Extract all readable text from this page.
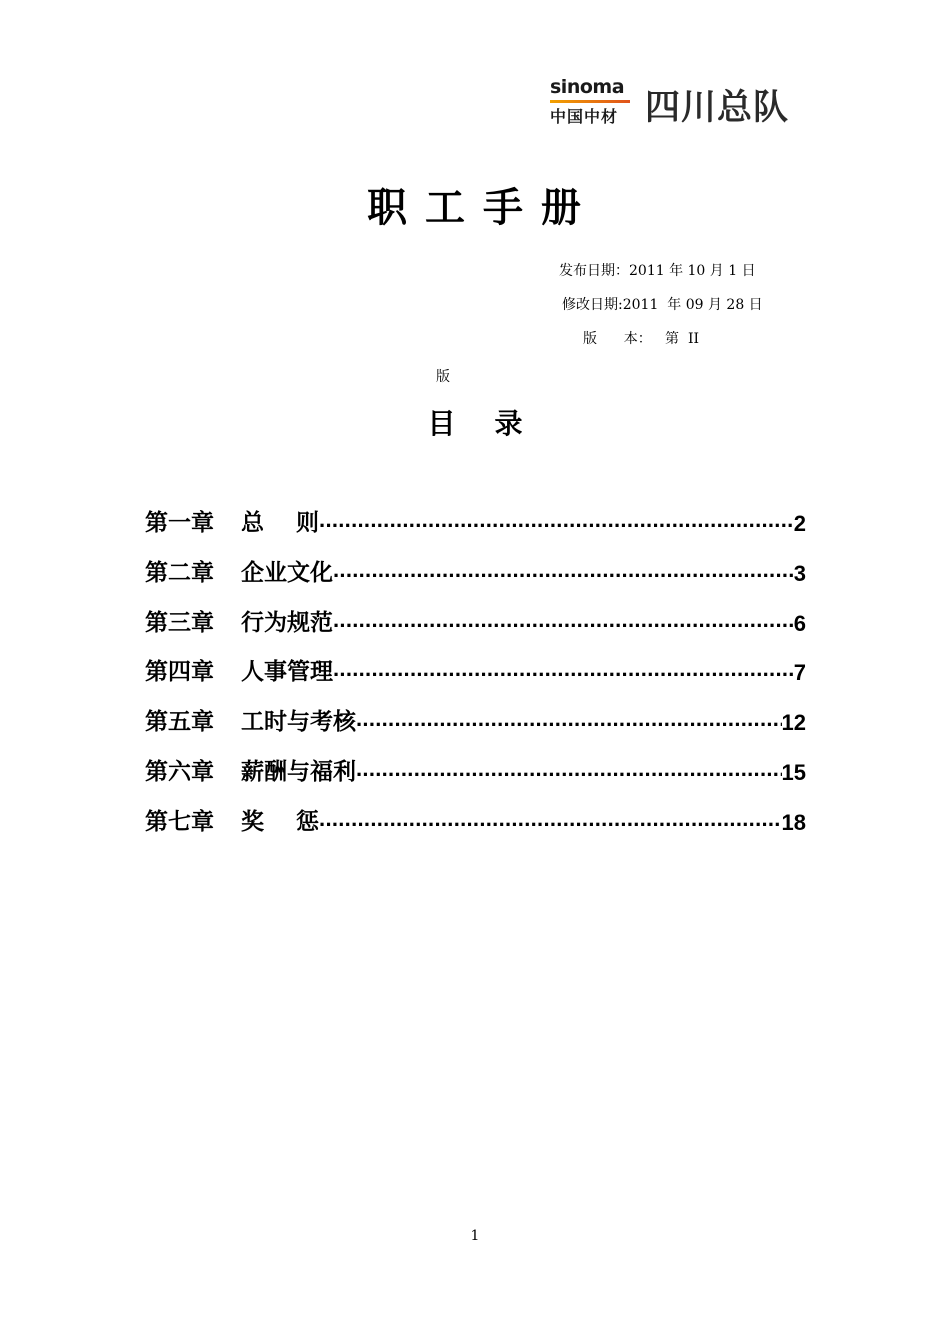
sinoma
中国中材 四川总队
职 工 手 册
发布日期：2011 年 10 月 1 日
修改日期:2011  年 09 月 28 日
版      本：   第  II
版
目    录
第一章 总    则 .....	2
第二章 企业文化 .....	3
第三章 行为规范 .....	6
第四章 人事管理 .....	7
第五章 工时与考核 .....	12
第六章 薪酬与福利 .....	15
第七章 奖    惩 .....	18
1
